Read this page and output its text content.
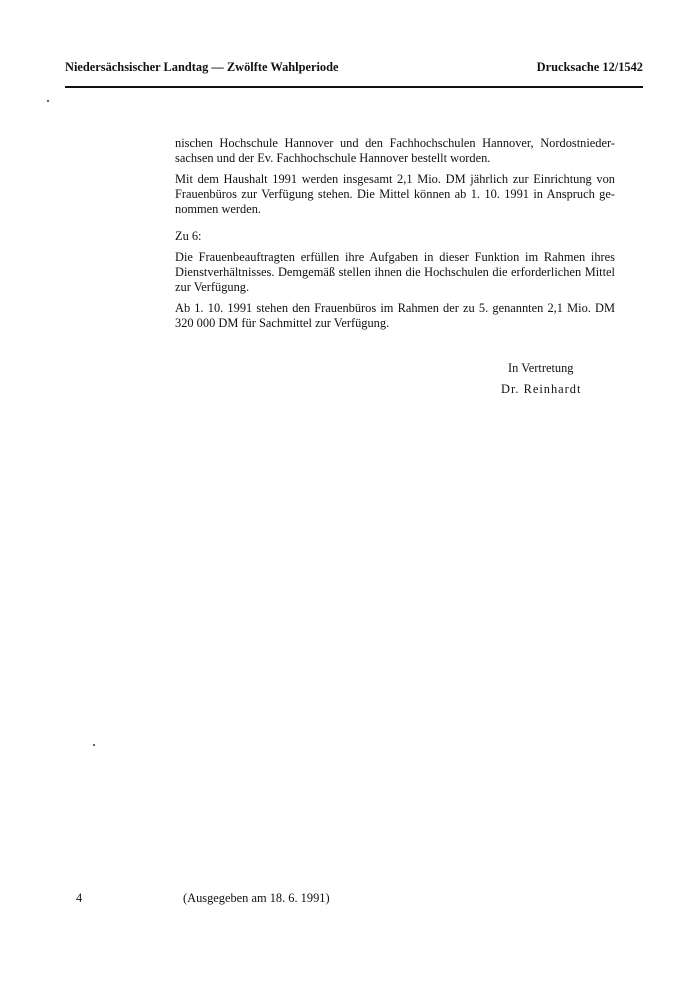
Niedersächsischer Landtag — Zwölfte Wahlperiode	Drucksache 12/1542
nischen Hochschule Hannover und den Fachhochschulen Hannover, Nordostnieder-
sachsen und der Ev. Fachhochschule Hannover bestellt worden.
Mit dem Haushalt 1991 werden insgesamt 2,1 Mio. DM jährlich zur Einrichtung von
Frauenbüros zur Verfügung stehen. Die Mittel können ab 1. 10. 1991 in Anspruch ge-
nommen werden.
Zu 6:
Die Frauenbeauftragten erfüllen ihre Aufgaben in dieser Funktion im Rahmen ihres
Dienstverhältnisses. Demgemäß stellen ihnen die Hochschulen die erforderlichen Mittel
zur Verfügung.
Ab 1. 10. 1991 stehen den Frauenbüros im Rahmen der zu 5. genannten 2,1 Mio. DM
320 000 DM für Sachmittel zur Verfügung.
In Vertretung
Dr. Reinhardt
4	(Ausgegeben am 18. 6. 1991)
